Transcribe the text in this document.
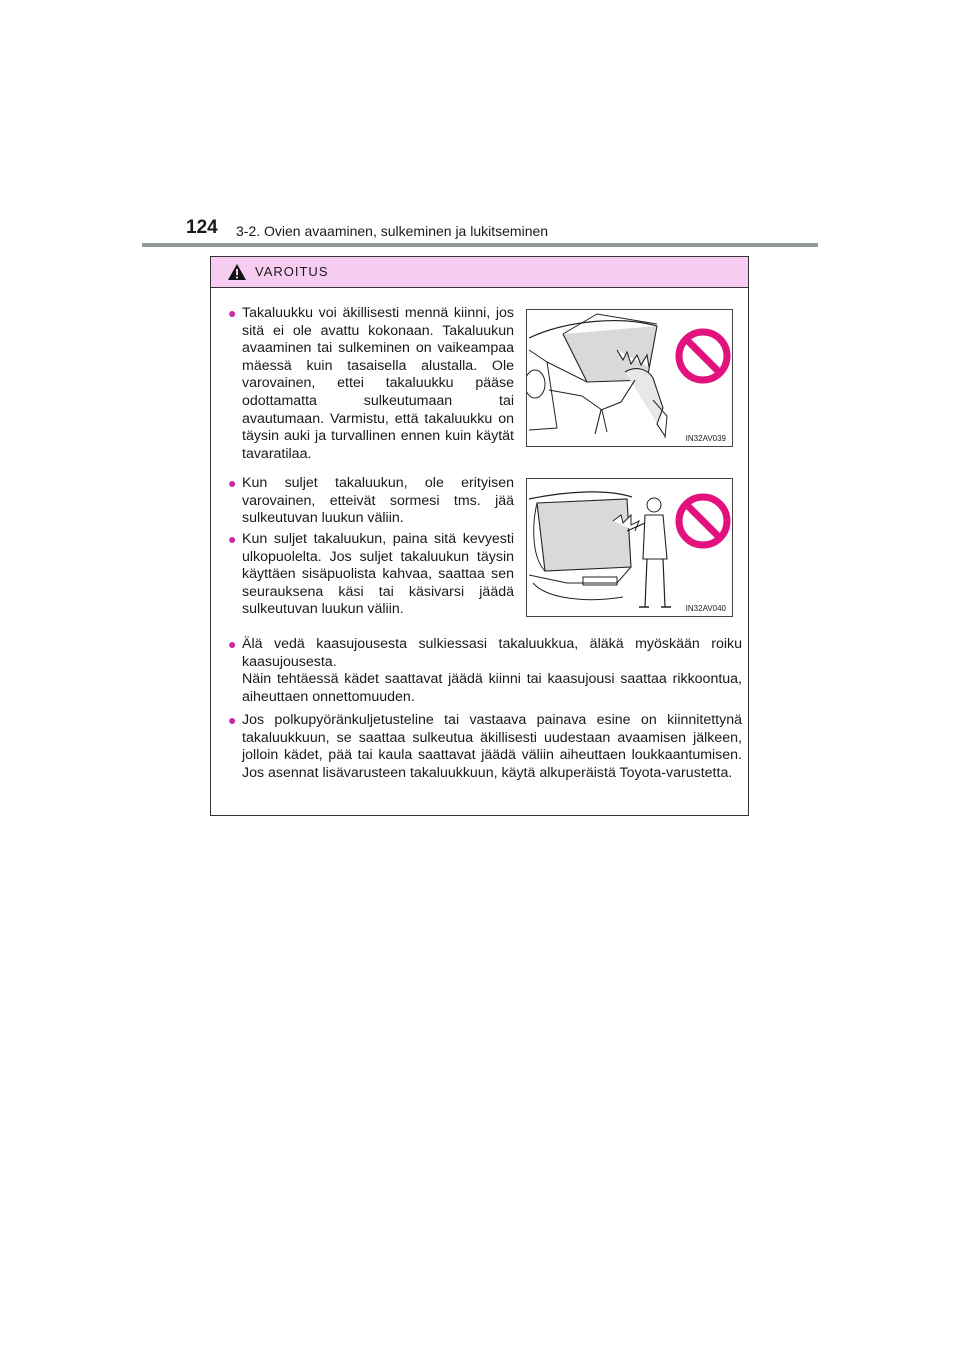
124 3-2. Ovien avaaminen, sulkeminen ja lukitseminen
VAROITUS
● Takaluukku voi äkillisesti mennä kiinni, jos sitä ei ole avattu kokonaan. Takaluukun avaaminen tai sulkeminen on vaikeampaa mäessä kuin tasaisella alustalla. Ole varovainen, ettei takaluukku pääse odottamatta sulkeutumaan tai avautumaan. Varmistu, että takaluukku on täysin auki ja turvallinen ennen kuin käytät tavaratilaa.

● Kun suljet takaluukun, ole erityisen varovainen, etteivät sormesi tms. jää sulkeutuvan luukun väliin.

● Kun suljet takaluukun, paina sitä kevyesti ulkopuolelta. Jos suljet takaluukun täysin käyttäen sisäpuolista kahvaa, saattaa sen seurauksena käsi tai käsivarsi jäädä sulkeutuvan luukun väliin.

● Älä vedä kaasujousesta sulkiessasi takaluukkua, äläkä myöskään roiku kaasujousesta.

Näin tehtäessä kädet saattavat jäädä kiinni tai kaasujousi saattaa rikkoontua, aiheuttaen onnettomuuden.

● Jos polkupyöränkuljetusteline tai vastaava painava esine on kiinnitettynä takaluukkuun, se saattaa sulkeutua äkillisesti uudestaan avaamisen jälkeen, jolloin kädet, pää tai kaula saattavat jäädä väliin aiheuttaen loukkaantumisen. Jos asennat lisävarusteen takaluukkuun, käytä alkuperäistä Toyota-varustetta.

IN32AV039
IN32AV040
